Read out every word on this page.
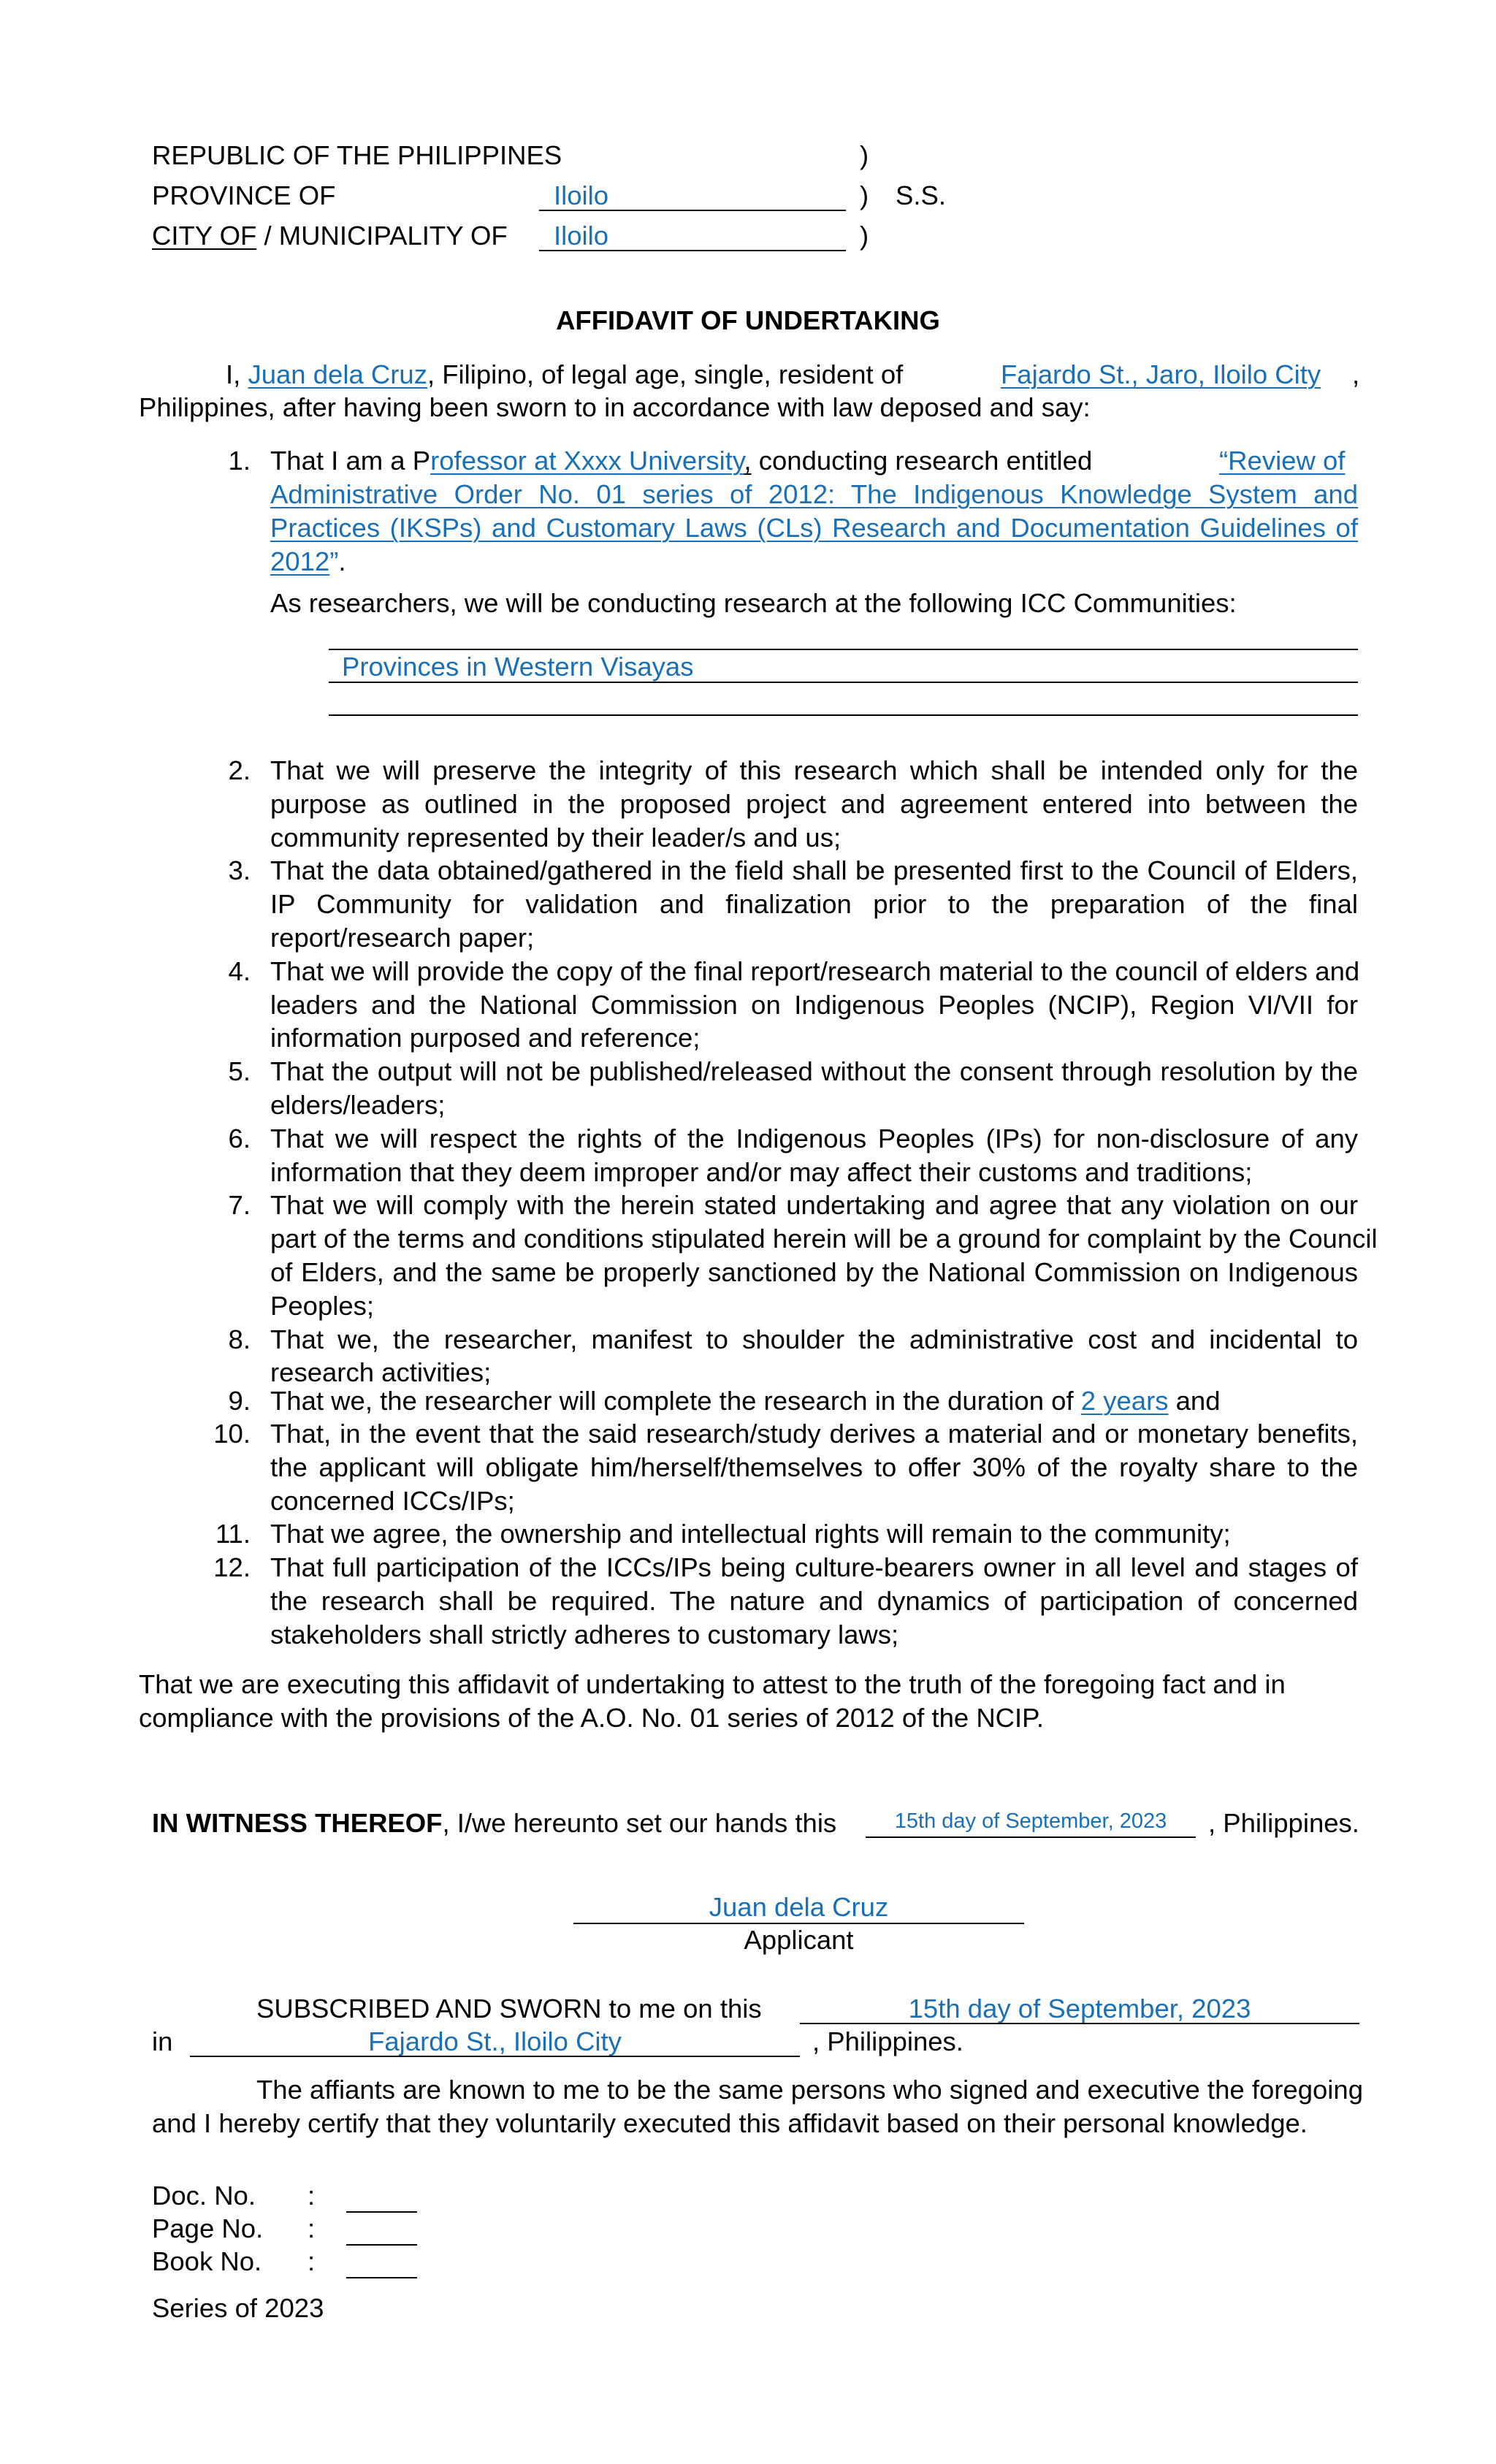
REPUBLIC OF THE PHILIPPINES	)
PROVINCE OF	Iloilo	) S.S.
CITY OF / MUNICIPALITY OF Iloilo	)
AFFIDAVIT OF UNDERTAKING
I, Juan dela Cruz, Filipino, of legal age, single, resident of	Fajardo St., Jaro, Iloilo City ,
Philippines, after having been sworn to in accordance with law deposed and say:
1. That I am a Professor at Xxxx University, conducting research entitled	“Review of
Administrative Order No. 01 series of 2012: The Indigenous Knowledge System and
Practices (IKSPs) and Customary Laws (CLs) Research and Documentation Guidelines of
2012”.
As researchers, we will be conducting research at the following ICC Communities:
Provinces in Western Visayas
2. That we will preserve the integrity of this research which shall be intended only for the
purpose as outlined in the proposed project and agreement entered into between the
community represented by their leader/s and us;
3. That the data obtained/gathered in the field shall be presented first to the Council of Elders,
IP Community for validation and finalization prior to the preparation of the final
report/research paper;
4. That we will provide the copy of the final report/research material to the council of elders and
leaders and the National Commission on Indigenous Peoples (NCIP), Region VI/VII for
information purposed and reference;
5. That the output will not be published/released without the consent through resolution by the
elders/leaders;
6. That we will respect the rights of the Indigenous Peoples (IPs) for non-disclosure of any
information that they deem improper and/or may affect their customs and traditions;
7. That we will comply with the herein stated undertaking and agree that any violation on our
part of the terms and conditions stipulated herein will be a ground for complaint by the Council
of Elders, and the same be properly sanctioned by the National Commission on Indigenous
Peoples;
8. That we, the researcher, manifest to shoulder the administrative cost and incidental to
research activities;
9. That we, the researcher will complete the research in the duration of 2 years and
10. That, in the event that the said research/study derives a material and or monetary benefits,
the applicant will obligate him/herself/themselves to offer 30% of the royalty share to the
concerned ICCs/IPs;
11. That we agree, the ownership and intellectual rights will remain to the community;
12. That full participation of the ICCs/IPs being culture-bearers owner in all level and stages of
the research shall be required. The nature and dynamics of participation of concerned
stakeholders shall strictly adheres to customary laws;
That we are executing this affidavit of undertaking to attest to the truth of the foregoing fact and in
compliance with the provisions of the A.O. No. 01 series of 2012 of the NCIP.
IN WITNESS THEREOF, I/we hereunto set our hands this	15th day of September, 2023	, Philippines.
Juan dela Cruz
Applicant
SUBSCRIBED AND SWORN to me on this	15th day of September, 2023
in	Fajardo St., Iloilo City	, Philippines.
The affiants are known to me to be the same persons who signed and executive the foregoing
and I hereby certify that they voluntarily executed this affidavit based on their personal knowledge.
Doc. No. :
Page No. :
Book No. :
Series of 2023
